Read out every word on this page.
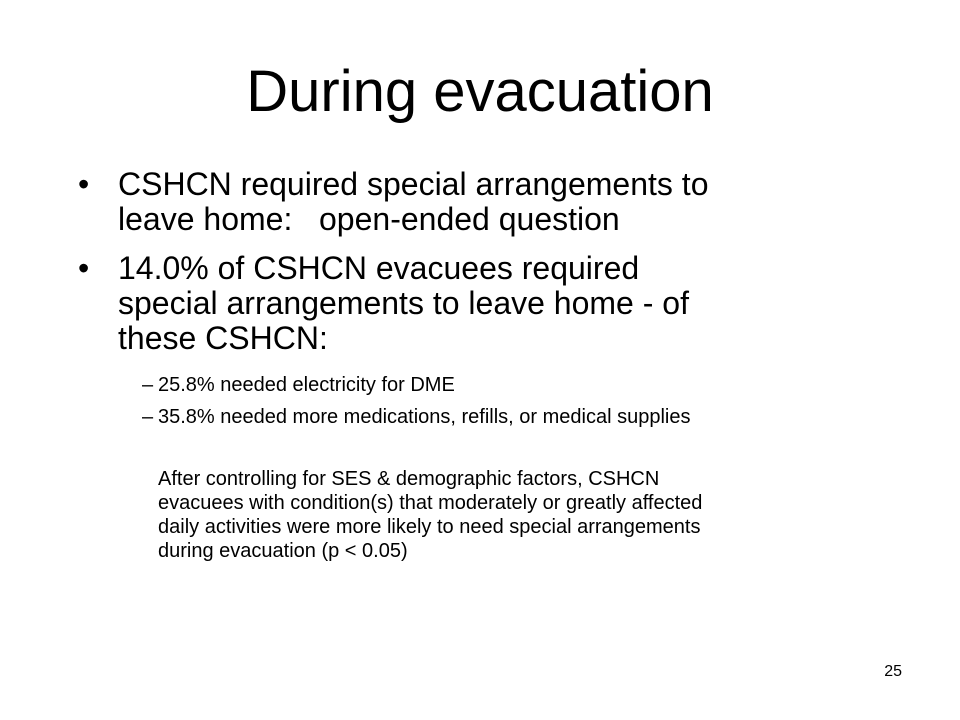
During evacuation
• CSHCN required special arrangements to
leave home:   open-ended question
• 14.0% of CSHCN evacuees required
special arrangements to leave home - of
these CSHCN:
– 25.8% needed electricity for DME
– 35.8% needed more medications, refills, or medical supplies
After controlling for SES & demographic factors, CSHCN
evacuees with condition(s) that moderately or greatly affected
daily activities were more likely to need special arrangements
during evacuation (p < 0.05)
25
